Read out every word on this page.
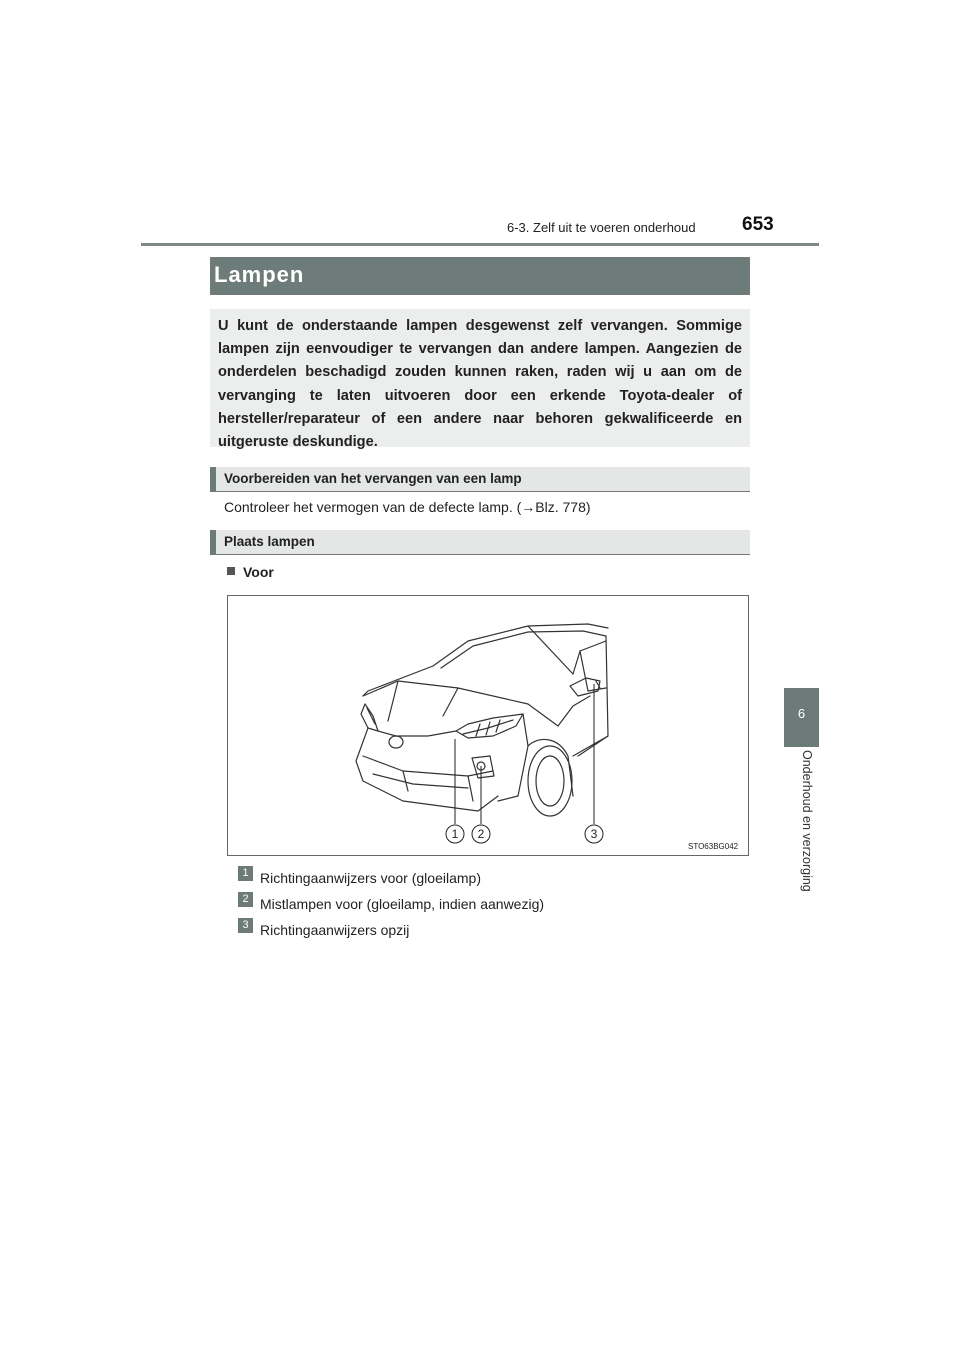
6-3. Zelf uit te voeren onderhoud 653
6
Onderhoud en verzorging
Lampen
U kunt de onderstaande lampen desgewenst zelf vervangen. Sommige lampen zijn eenvoudiger te vervangen dan andere lampen. Aangezien de onderdelen beschadigd zouden kunnen raken, raden wij u aan om de vervanging te laten uitvoeren door een erkende Toyota-dealer of hersteller/reparateur of een andere naar behoren gekwalificeerde en uitgeruste deskundige.
Voorbereiden van het vervangen van een lamp
Controleer het vermogen van de defecte lamp. (→Blz. 778)
Plaats lampen
Voor
1 2	3
STO63BG042
1 Richtingaanwijzers voor (gloeilamp)
2 Mistlampen voor (gloeilamp, indien aanwezig)
3 Richtingaanwijzers opzij
